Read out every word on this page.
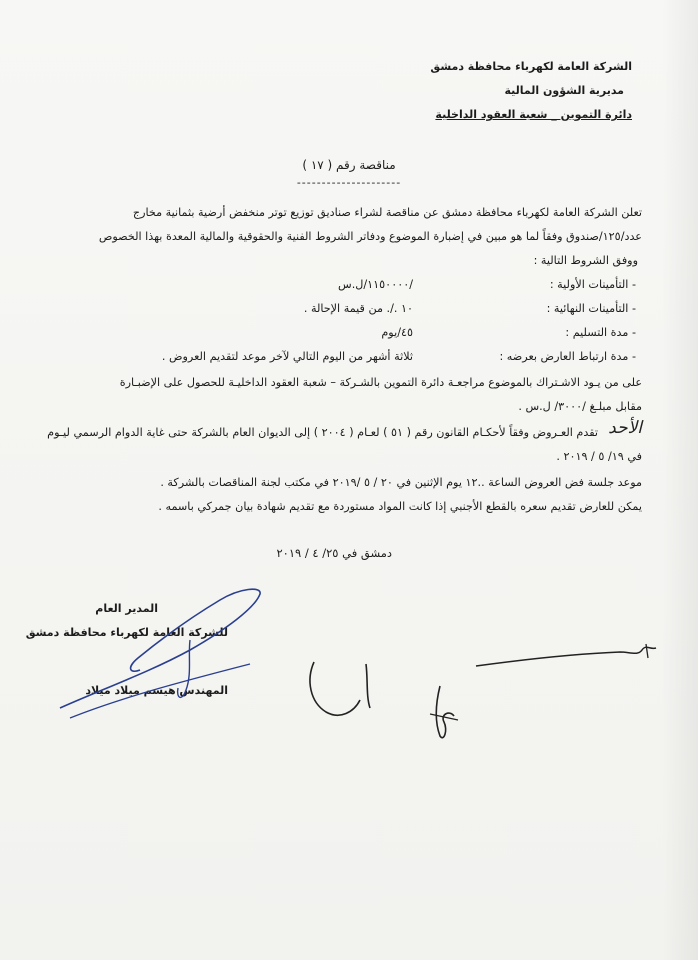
الشركة العامة لكهرباء محافظة دمشق
مديرية الشؤون المالية
دائرة التموين _ شعبة العقود الداخلية
مناقصة رقم ( ١٧ )
---------------------
تعلن الشركة العامة لكهرباء محافظة دمشق عن مناقصة لشراء صناديق توزيع توتر منخفض أرضية بثمانية مخارج
عدد/١٢٥/صندوق وفقاً لما هو مبين في إضبارة الموضوع ودفاتر الشروط الفنية والحقوقية والمالية المعدة بهذا الخصوص
ووفق الشروط التالية :
- التأمينات الأولية :
/١١٥٠٠٠٠/ل.س
- التأمينات النهائية :
١٠ ./. من قيمة الإحالة .
- مدة التسليم :
٤٥/يوم
- مدة ارتباط العارض بعرضه :
ثلاثة أشهر من اليوم التالي لآخر موعد لتقديم العروض .
على من يـود الاشـتراك بالموضوع مراجعـة دائرة التموين بالشـركة – شعبة العقود الداخليـة للحصول على الإضبـارة
مقابل مبلـغ /٣٠٠٠/ ل.س .
تقدم العـروض وفقاً لأحكـام القانون رقم ( ٥١ ) لعـام ( ٢٠٠٤ ) إلى الديوان العام بالشركة حتى غاية الدوام الرسمي ليـوم الأحد
في ١٩/ ٥ / ٢٠١٩ .
موعد جلسة فض العروض الساعة ..١٢ يوم الإثنين في ٢٠ / ٥ /٢٠١٩ في مكتب لجنة المناقصات بالشركة .
يمكن للعارض تقديم سعره بالقطع الأجنبي إذا كانت المواد مستوردة مع تقديم شهادة بيان جمركي باسمه .
دمشق في ٢٥/ ٤ / ٢٠١٩
المدير العام
للشركة العامة لكهرباء محافظة دمشق
المهندس هيسم ميلاد ميلاد
